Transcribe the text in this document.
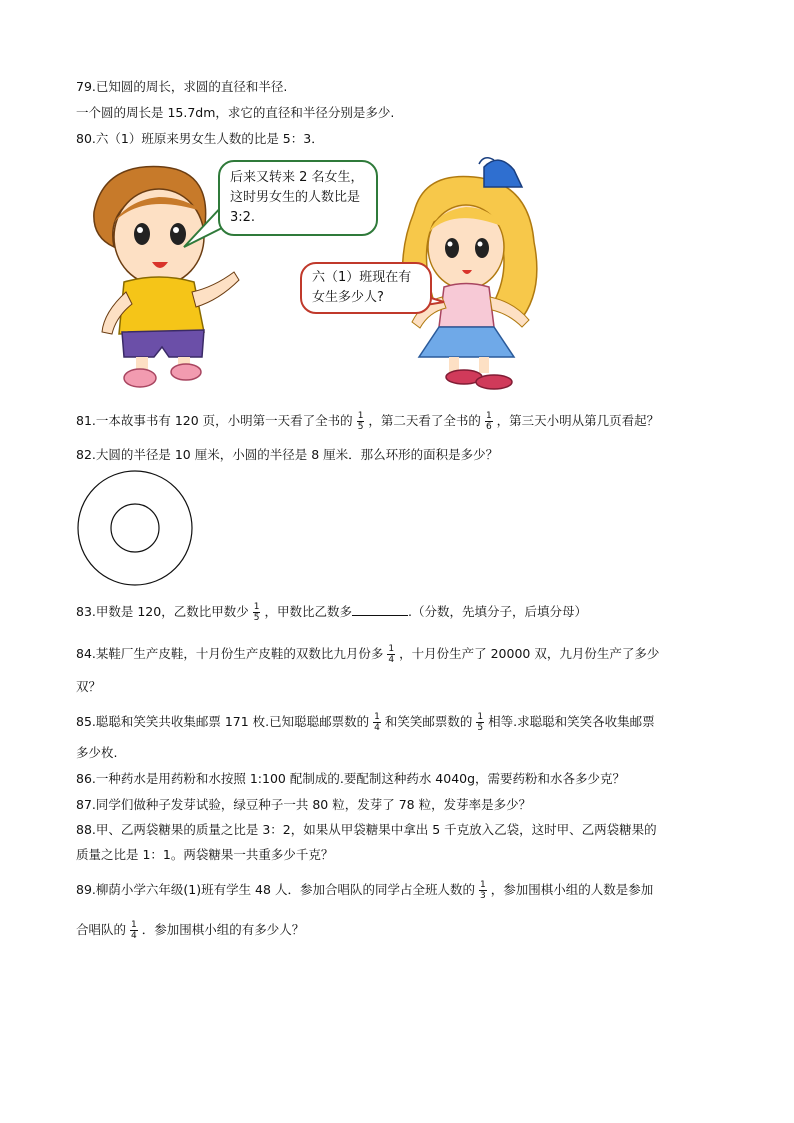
79.已知圆的周长，求圆的直径和半径.
一个圆的周长是 15.7dm，求它的直径和半径分别是多少.
80.六（1）班原来男女生人数的比是 5：3．
后来又转来 2 名女生，这时男女生的人数比是 3:2.
六（1）班现在有女生多少人?
81.一本故事书有 120 页，小明第一天看了全书的 $\frac{1}{5}$ ，第二天看了全书的 $\frac{1}{6}$ ，第三天小明从第几页看起？
82.大圆的半径是 10 厘米，小圆的半径是 8 厘米．那么环形的面积是多少？
83.甲数是 120，乙数比甲数少 $\frac{1}{5}$ ，甲数比乙数多	.（分数，先填分子，后填分母）
84.某鞋厂生产皮鞋，十月份生产皮鞋的双数比九月份多 $\frac{1}{4}$ ，十月份生产了 20000 双，九月份生产了多少
双？
85.聪聪和笑笑共收集邮票 171 枚.已知聪聪邮票数的 $\frac{1}{4}$ 和笑笑邮票数的 $\frac{1}{5}$ 相等.求聪聪和笑笑各收集邮票
多少枚.
86.一种药水是用药粉和水按照 1:100 配制成的.要配制这种药水 4040g，需要药粉和水各多少克？
87.同学们做种子发芽试验，绿豆种子一共 80 粒，发芽了 78 粒，发芽率是多少？
88.甲、乙两袋糖果的质量之比是 3：2，如果从甲袋糖果中拿出 5 千克放入乙袋，这时甲、乙两袋糖果的
质量之比是 1：1。两袋糖果一共重多少千克？
89.柳荫小学六年级(1)班有学生 48 人．参加合唱队的同学占全班人数的 $\frac{1}{3}$ ，参加围棋小组的人数是参加
合唱队的 $\frac{1}{4}$ ．参加围棋小组的有多少人？
